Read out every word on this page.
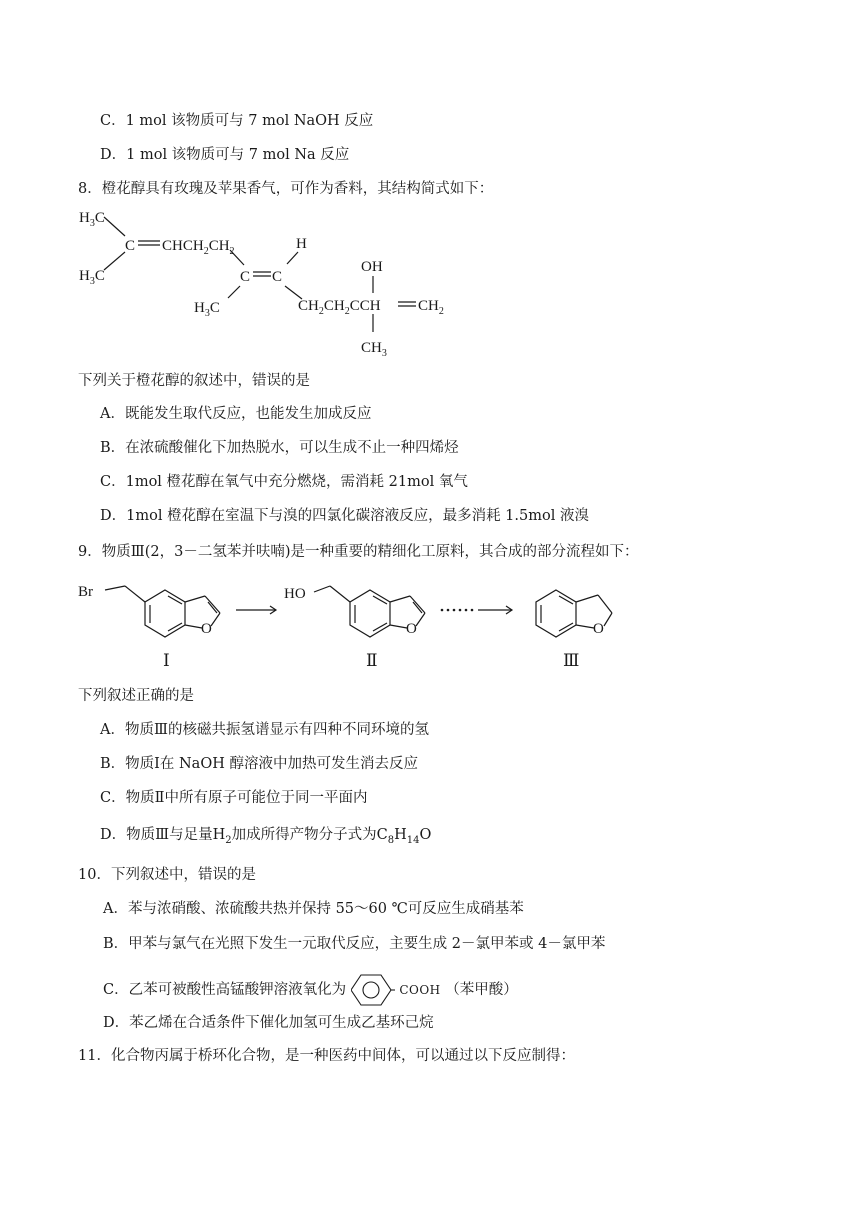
C．1 mol 该物质可与 7 mol NaOH 反应
D．1 mol 该物质可与 7 mol Na 反应
8．橙花醇具有玫瑰及苹果香气，可作为香料，其结构简式如下：
$H_3C$
$H_3C$
C $CHCH_2CH_2$	H
C C
$H_3C$
OH
$CH_2CH_2CCH$ $CH_2$
$CH_3$
下列关于橙花醇的叙述中，错误的是
A．既能发生取代反应，也能发生加成反应
B．在浓硫酸催化下加热脱水，可以生成不止一种四烯烃
C．1mol 橙花醇在氧气中充分燃烧，需消耗 21mol 氧气
D．1mol 橙花醇在室温下与溴的四氯化碳溶液反应，最多消耗 1.5mol 液溴
9．物质Ⅲ(2，3－二氢苯并呋喃)是一种重要的精细化工原料，其合成的部分流程如下：
Br
O
HO
O	O
Ⅰ	Ⅱ	Ⅲ
下列叙述正确的是
A．物质Ⅲ的核磁共振氢谱显示有四种不同环境的氢
B．物质Ⅰ在 NaOH 醇溶液中加热可发生消去反应
C．物质Ⅱ中所有原子可能位于同一平面内
D．物质Ⅲ与足量$H_2$加成所得产物分子式为$C_8H_{14}O$
10．下列叙述中，错误的是
A．苯与浓硝酸、浓硫酸共热并保持 55～60 ℃可反应生成硝基苯
B．甲苯与氯气在光照下发生一元取代反应，主要生成 2－氯甲苯或 4－氯甲苯
C．乙苯可被酸性高锰酸钾溶液氧化为	COOH （苯甲酸）
D．苯乙烯在合适条件下催化加氢可生成乙基环己烷
11．化合物丙属于桥环化合物，是一种医药中间体，可以通过以下反应制得：
